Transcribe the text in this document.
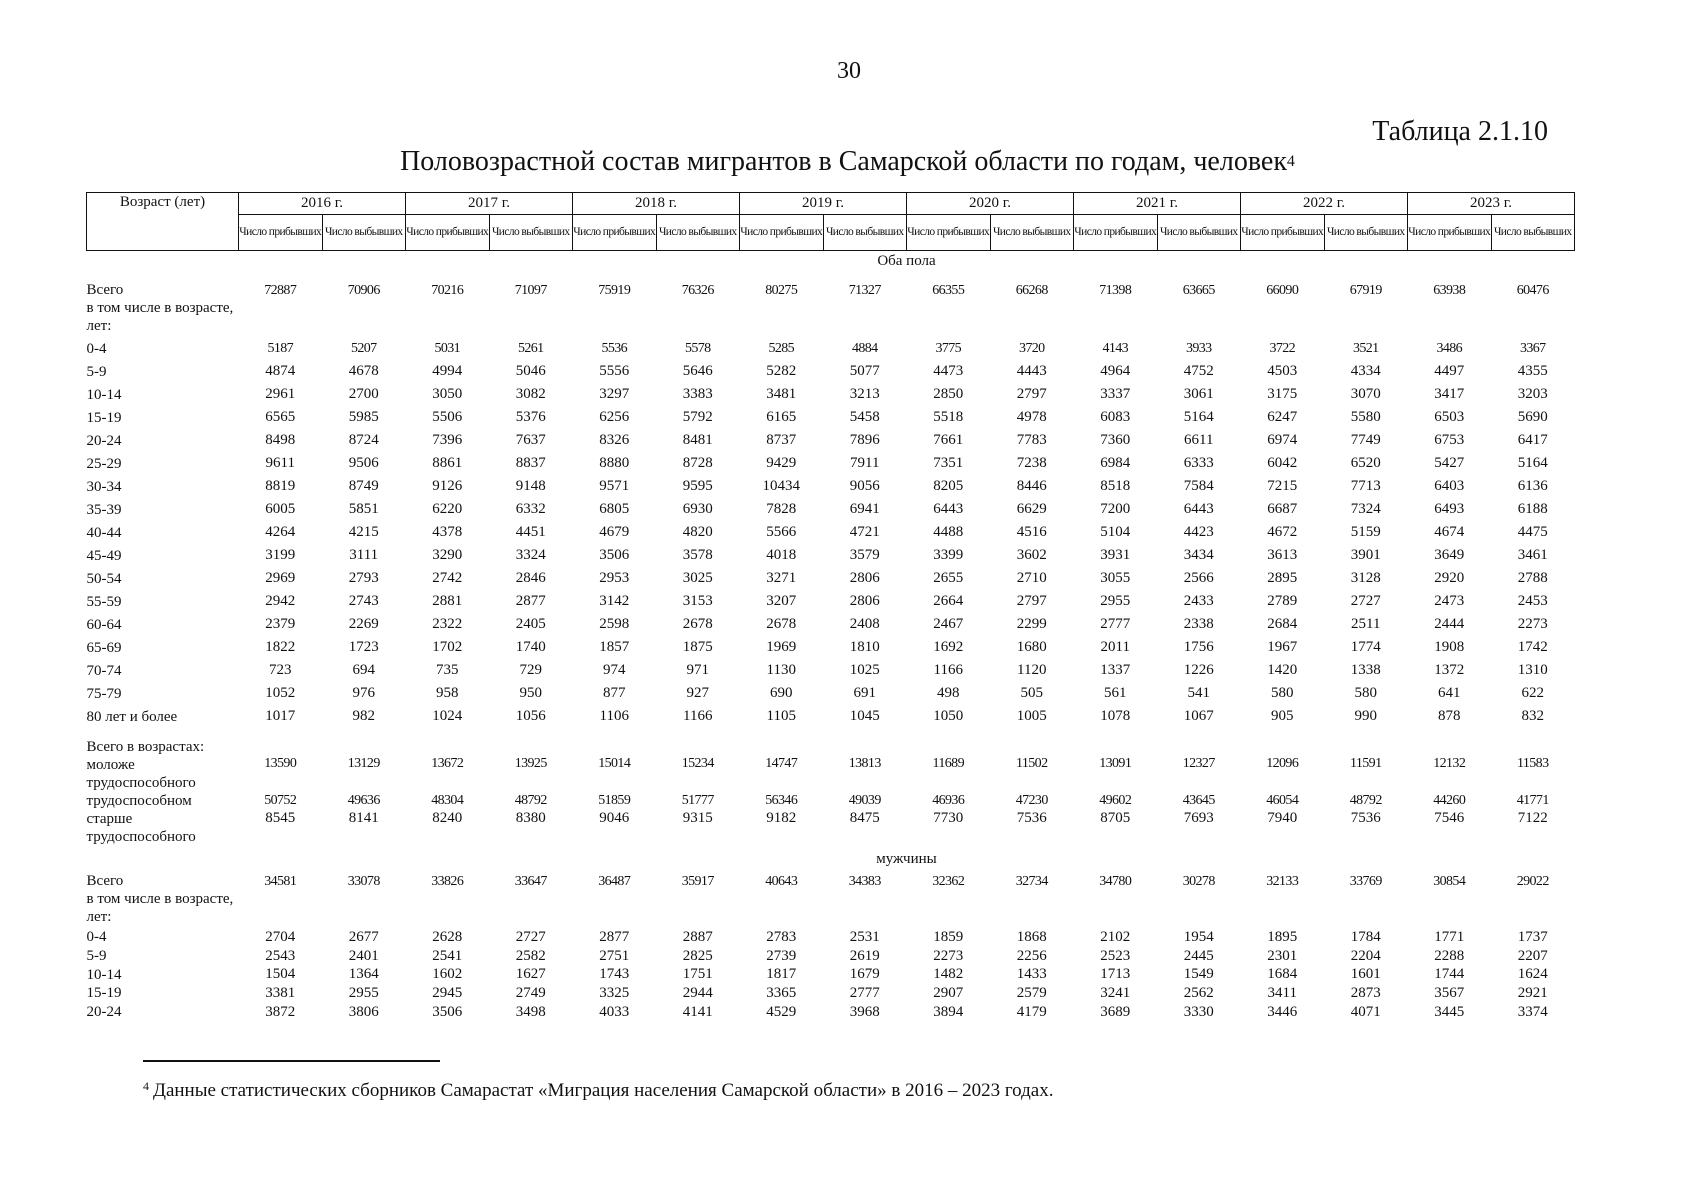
30
Таблица 2.1.10
Половозрастной состав мигрантов в Самарской области по годам, человек$^4$
Возраст (лет)	2016 г.		2017 г.		2018 г.		2019 г.		2020 г.		2021 г.		2022 г.		2023 г.	
	Число прибывших	Число выбывших	Число прибывших	Число выбывших	Число прибывших	Число выбывших	Число прибывших	Число выбывших	Число прибывших	Число выбывших	Число прибывших	Число выбывших	Число прибывших	Число выбывших	Число прибывших	Число выбывших
	Оба пола															
Всего	72887	70906	70216	71097	75919	76326	80275	71327	66355	66268	71398	63665	66090	67919	63938	60476
в том числе в возрасте, лет:																
0-4	5187	5207	5031	5261	5536	5578	5285	4884	3775	3720	4143	3933	3722	3521	3486	3367
5-9	4874	4678	4994	5046	5556	5646	5282	5077	4473	4443	4964	4752	4503	4334	4497	4355
10-14	2961	2700	3050	3082	3297	3383	3481	3213	2850	2797	3337	3061	3175	3070	3417	3203
15-19	6565	5985	5506	5376	6256	5792	6165	5458	5518	4978	6083	5164	6247	5580	6503	5690
20-24	8498	8724	7396	7637	8326	8481	8737	7896	7661	7783	7360	6611	6974	7749	6753	6417
25-29	9611	9506	8861	8837	8880	8728	9429	7911	7351	7238	6984	6333	6042	6520	5427	5164
30-34	8819	8749	9126	9148	9571	9595	10434	9056	8205	8446	8518	7584	7215	7713	6403	6136
35-39	6005	5851	6220	6332	6805	6930	7828	6941	6443	6629	7200	6443	6687	7324	6493	6188
40-44	4264	4215	4378	4451	4679	4820	5566	4721	4488	4516	5104	4423	4672	5159	4674	4475
45-49	3199	3111	3290	3324	3506	3578	4018	3579	3399	3602	3931	3434	3613	3901	3649	3461
50-54	2969	2793	2742	2846	2953	3025	3271	2806	2655	2710	3055	2566	2895	3128	2920	2788
55-59	2942	2743	2881	2877	3142	3153	3207	2806	2664	2797	2955	2433	2789	2727	2473	2453
60-64	2379	2269	2322	2405	2598	2678	2678	2408	2467	2299	2777	2338	2684	2511	2444	2273
65-69	1822	1723	1702	1740	1857	1875	1969	1810	1692	1680	2011	1756	1967	1774	1908	1742
70-74	723	694	735	729	974	971	1130	1025	1166	1120	1337	1226	1420	1338	1372	1310
75-79	1052	976	958	950	877	927	690	691	498	505	561	541	580	580	641	622
80 лет и более	1017	982	1024	1056	1106	1166	1105	1045	1050	1005	1078	1067	905	990	878	832

Всего в возрастах:																
моложе трудоспособного	13590	13129	13672	13925	15014	15234	14747	13813	11689	11502	13091	12327	12096	11591	12132	11583
трудоспособном	50752	49636	48304	48792	51859	51777	56346	49039	46936	47230	49602	43645	46054	48792	44260	41771
старше трудоспособного	8545	8141	8240	8380	9046	9315	9182	8475	7730	7536	8705	7693	7940	7536	7546	7122
	мужчины															
Всего	34581	33078	33826	33647	36487	35917	40643	34383	32362	32734	34780	30278	32133	33769	30854	29022
в том числе в возрасте, лет:																
0-4	2704	2677	2628	2727	2877	2887	2783	2531	1859	1868	2102	1954	1895	1784	1771	1737
5-9	2543	2401	2541	2582	2751	2825	2739	2619	2273	2256	2523	2445	2301	2204	2288	2207
10-14	1504	1364	1602	1627	1743	1751	1817	1679	1482	1433	1713	1549	1684	1601	1744	1624
15-19	3381	2955	2945	2749	3325	2944	3365	2777	2907	2579	3241	2562	3411	2873	3567	2921
20-24	3872	3806	3506	3498	4033	4141	4529	3968	3894	4179	3689	3330	3446	4071	3445	3374
$^4$ Данные статистических сборников Самарастат «Миграция населения Самарской области» в 2016 – 2023 годах.
